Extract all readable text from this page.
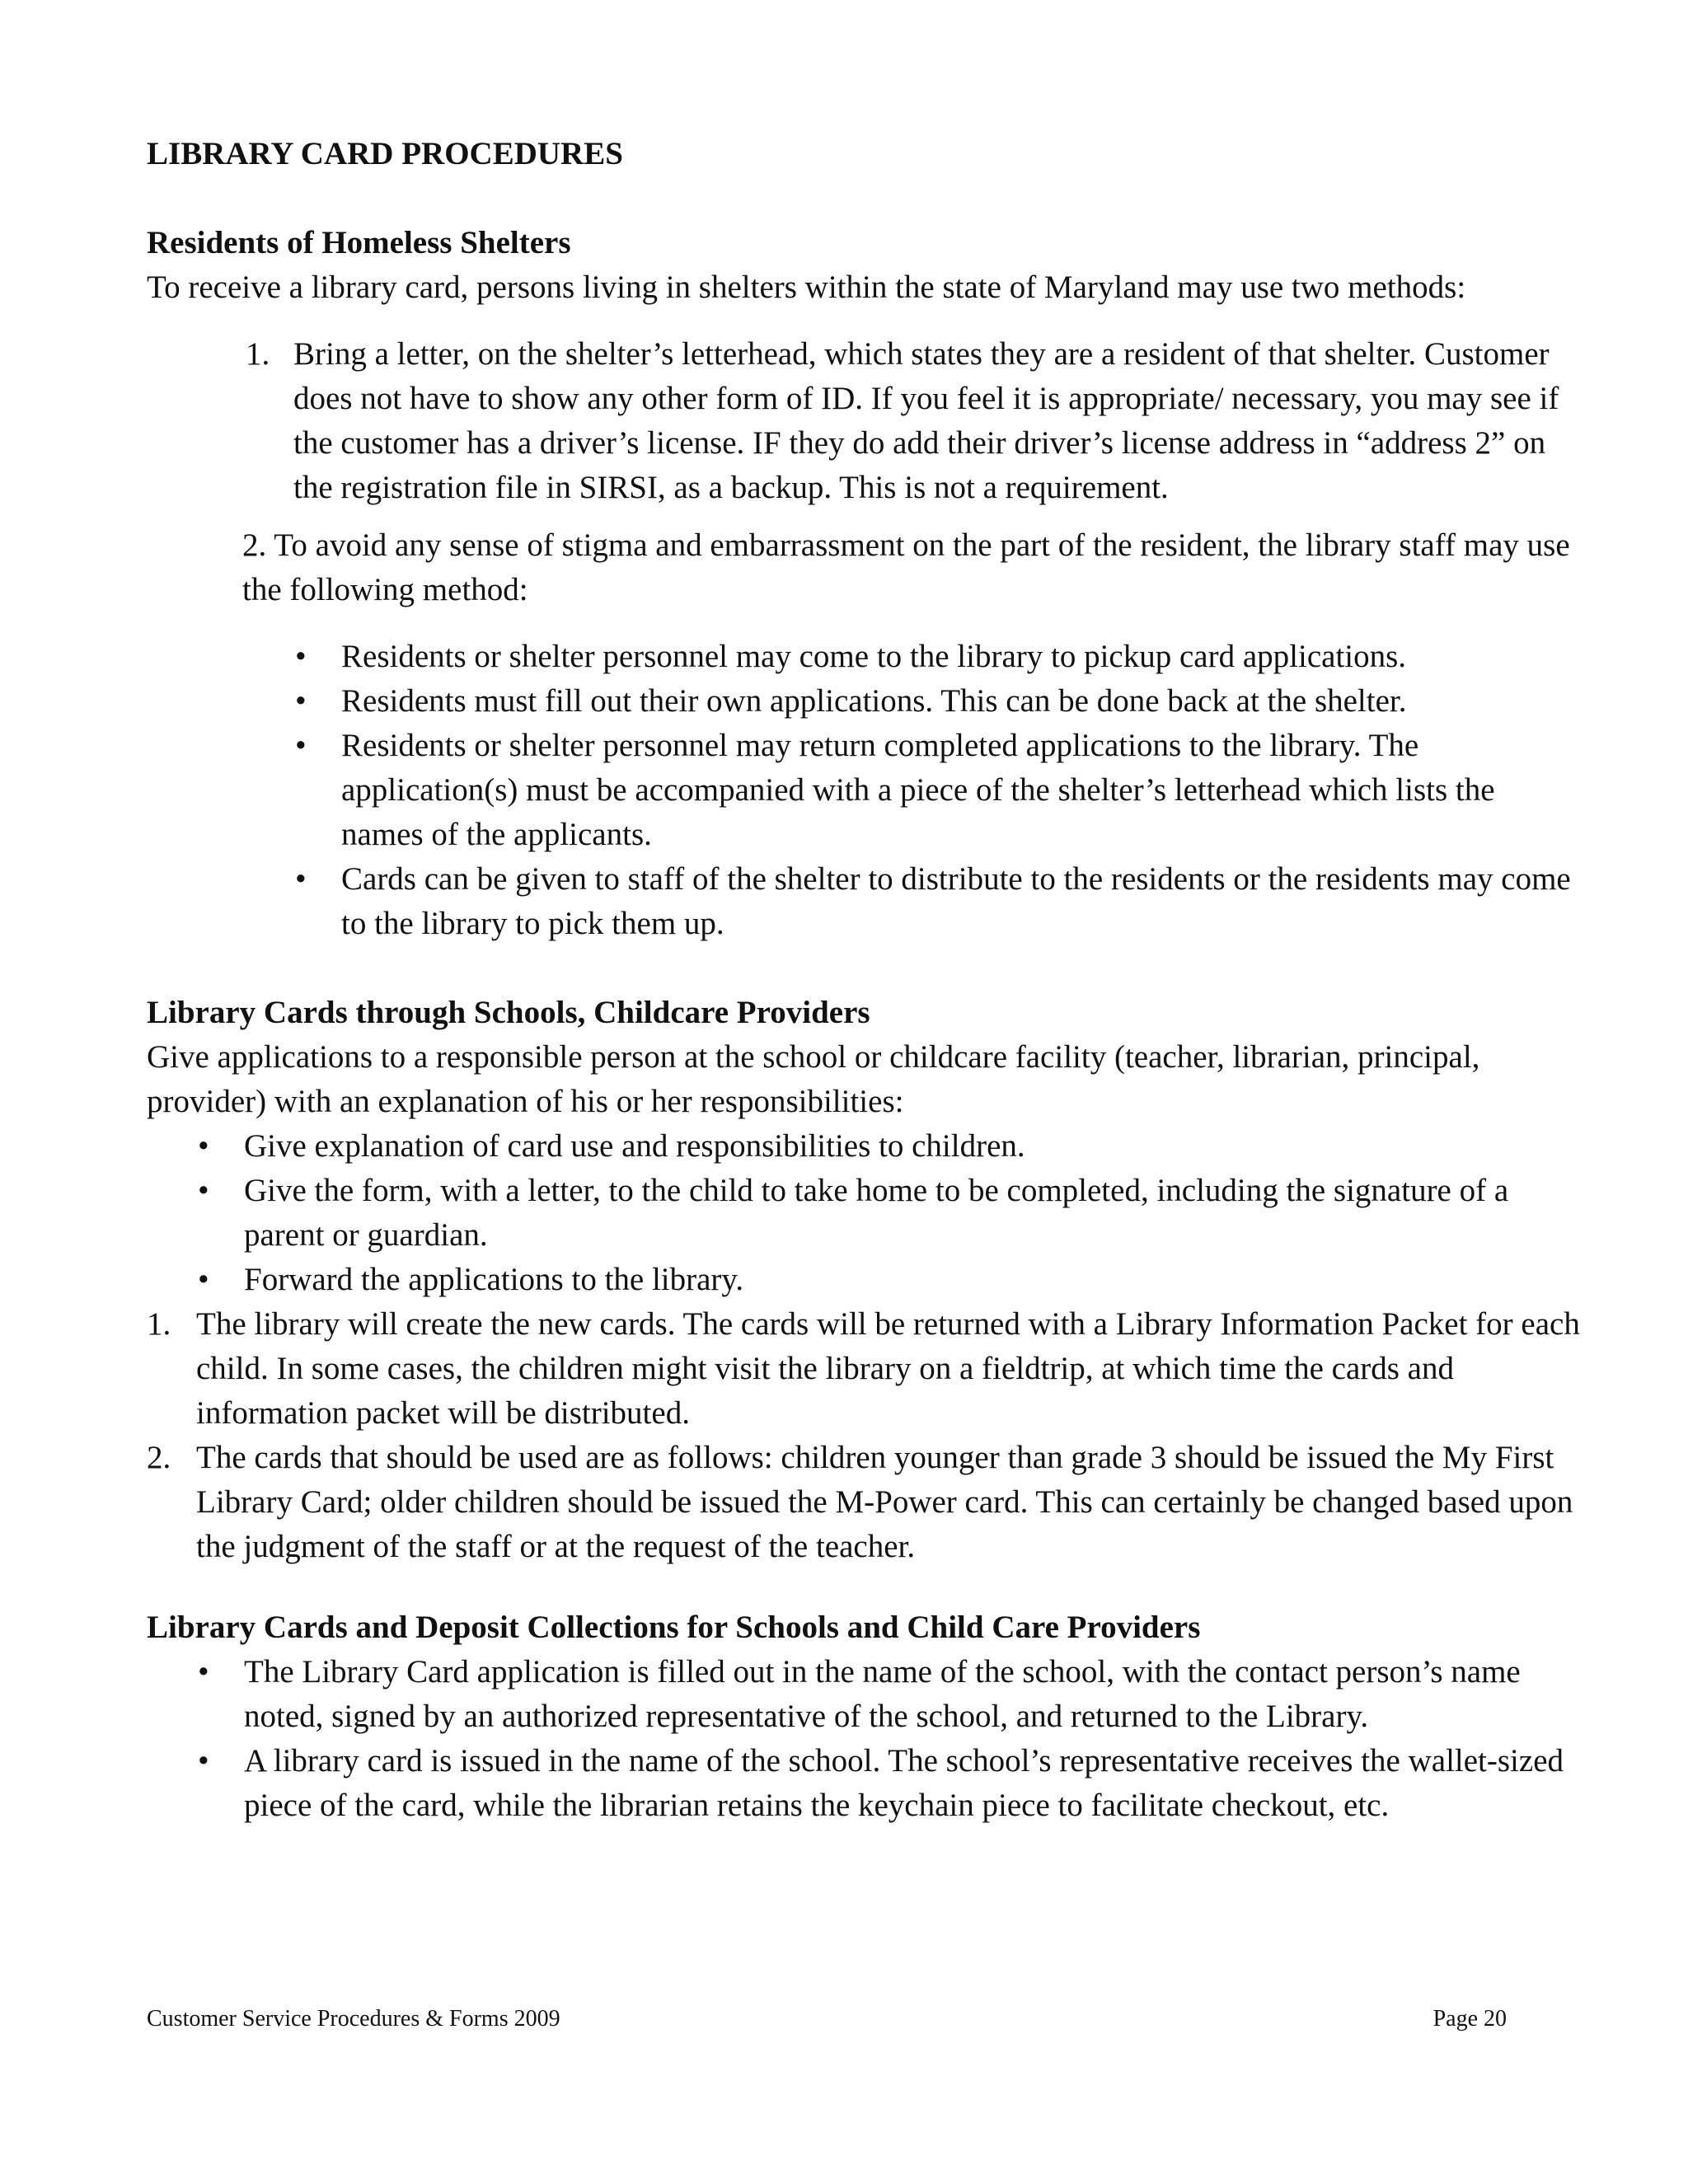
LIBRARY CARD PROCEDURES
Residents of Homeless Shelters

To receive a library card, persons living in shelters within the state of Maryland may use two methods:

1. Bring a letter, on the shelter’s letterhead, which states they are a resident of that shelter. Customer does not have to show any other form of ID. If you feel it is appropriate/ necessary, you may see if the customer has a driver’s license. IF they do add their driver’s license address in “address 2” on the registration file in SIRSI, as a backup. This is not a requirement.

2. To avoid any sense of stigma and embarrassment on the part of the resident, the library staff may use the following method:

• Residents or shelter personnel may come to the library to pickup card applications.
• Residents must fill out their own applications. This can be done back at the shelter.
• Residents or shelter personnel may return completed applications to the library. The application(s) must be accompanied with a piece of the shelter’s letterhead which lists the names of the applicants.
• Cards can be given to staff of the shelter to distribute to the residents or the residents may come to the library to pick them up.
Library Cards through Schools, Childcare Providers

Give applications to a responsible person at the school or childcare facility (teacher, librarian, principal, provider) with an explanation of his or her responsibilities:

• Give explanation of card use and responsibilities to children.
• Give the form, with a letter, to the child to take home to be completed, including the signature of a parent or guardian.
• Forward the applications to the library.
1. The library will create the new cards. The cards will be returned with a Library Information Packet for each child. In some cases, the children might visit the library on a fieldtrip, at which time the cards and information packet will be distributed.
2. The cards that should be used are as follows: children younger than grade 3 should be issued the My First Library Card; older children should be issued the M-Power card. This can certainly be changed based upon the judgment of the staff or at the request of the teacher.
Library Cards and Deposit Collections for Schools and Child Care Providers
• The Library Card application is filled out in the name of the school, with the contact person’s name noted, signed by an authorized representative of the school, and returned to the Library.
• A library card is issued in the name of the school. The school’s representative receives the wallet-sized piece of the card, while the librarian retains the keychain piece to facilitate checkout, etc.
Customer Service Procedures & Forms 2009	Page 20
